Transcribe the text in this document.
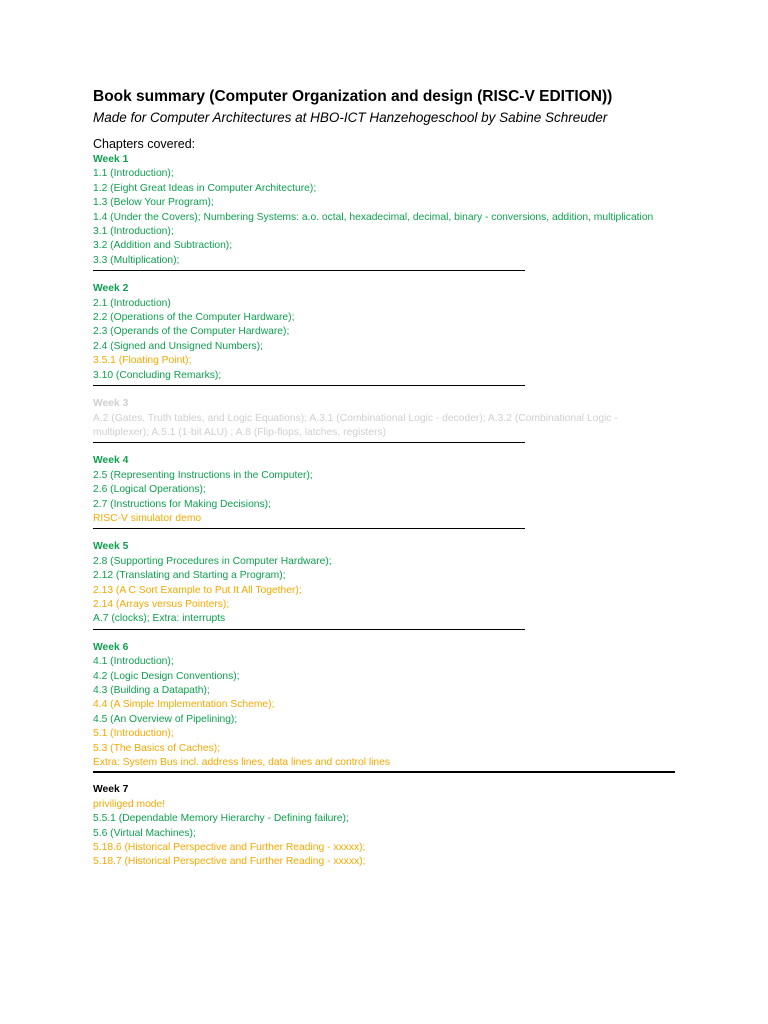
Book summary (Computer Organization and design (RISC-V EDITION))

Made for Computer Architectures at HBO-ICT Hanzehogeschool by Sabine Schreuder

Chapters covered:
Week 1
1.1 (Introduction);
1.2 (Eight Great Ideas in Computer Architecture);
1.3 (Below Your Program);
1.4 (Under the Covers); Numbering Systems: a.o. octal, hexadecimal, decimal, binary - conversions, addition, multiplication
3.1 (Introduction);
3.2 (Addition and Subtraction);
3.3 (Multiplication);
Week 2
2.1 (Introduction)
2.2 (Operations of the Computer Hardware);
2.3 (Operands of the Computer Hardware);
2.4 (Signed and Unsigned Numbers);
3.5.1 (Floating Point);
3.10 (Concluding Remarks);
Week 3
A.2 (Gates, Truth tables, and Logic Equations); A.3.1 (Combinational Logic - decoder); A.3.2 (Combinational Logic - multiplexer); A.5.1 (1-bit ALU) ; A.8 (Flip-flops, latches, registers)
Week 4
2.5 (Representing Instructions in the Computer);
2.6 (Logical Operations);
2.7 (Instructions for Making Decisions);
RISC-V simulator demo
Week 5
2.8 (Supporting Procedures in Computer Hardware);
2.12 (Translating and Starting a Program);
2.13 (A C Sort Example to Put It All Together);
2.14 (Arrays versus Pointers);
A.7 (clocks); Extra: interrupts
Week 6
4.1 (Introduction);
4.2 (Logic Design Conventions);
4.3 (Building a Datapath);
4.4 (A Simple Implementation Scheme);
4.5 (An Overview of Pipelining);
5.1 (Introduction);
5.3 (The Basics of Caches);
Extra: System Bus incl. address lines, data lines and control lines
Week 7
priviliged mode!
5.5.1 (Dependable Memory Hierarchy - Defining failure);
5.6 (Virtual Machines);
5.18.6 (Historical Perspective and Further Reading - xxxxx);
5.18.7 (Historical Perspective and Further Reading - xxxxx);
